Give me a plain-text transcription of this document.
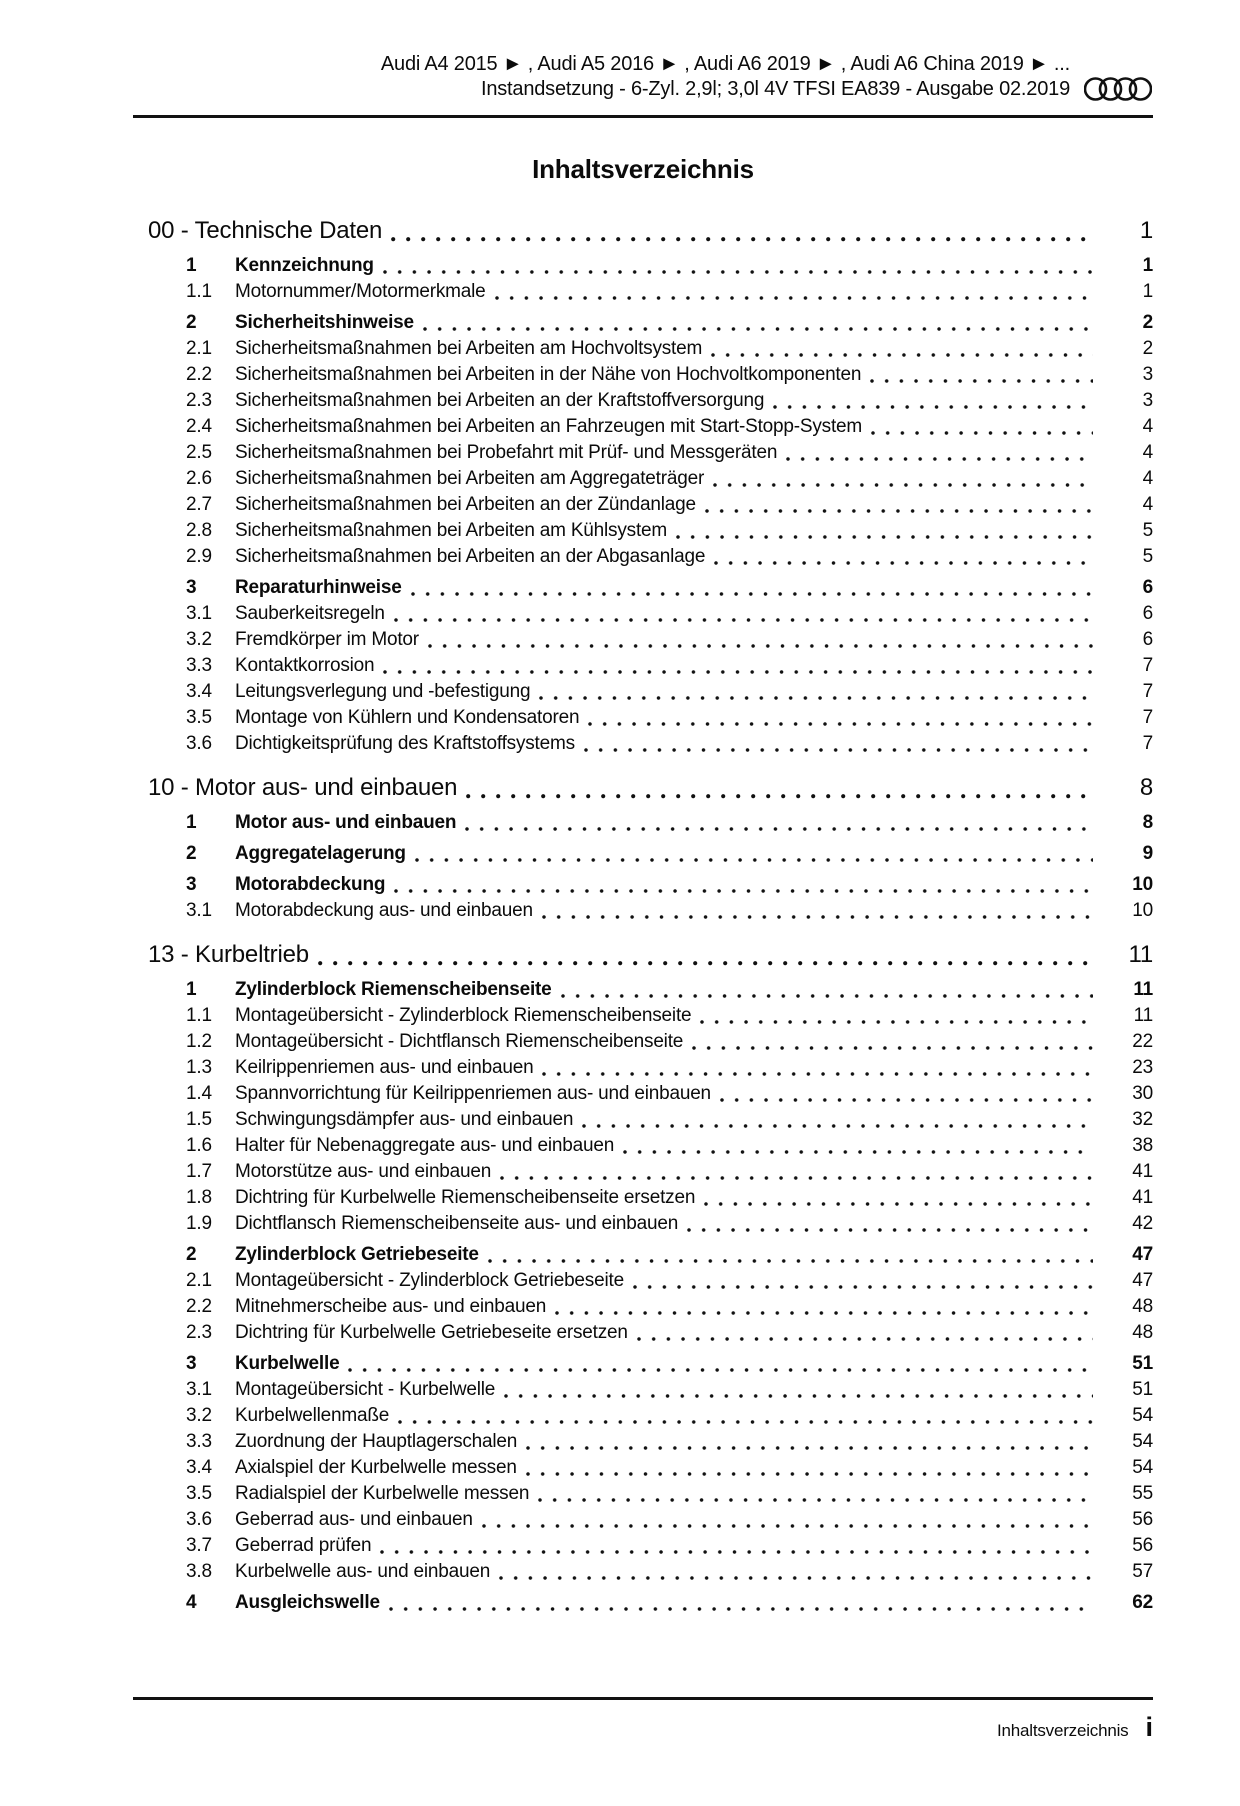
Audi A4 2015 ► , Audi A5 2016 ► , Audi A6 2019 ► , Audi A6 China 2019 ► ...
Instandsetzung - 6-Zyl. 2,9l; 3,0l 4V TFSI EA839 - Ausgabe 02.2019
Inhaltsverzeichnis
00 - Technische Daten	1
1	Kennzeichnung	1
1.1	Motornummer/Motormerkmale	1
2	Sicherheitshinweise	2
2.1	Sicherheitsmaßnahmen bei Arbeiten am Hochvoltsystem	2
2.2	Sicherheitsmaßnahmen bei Arbeiten in der Nähe von Hochvoltkomponenten	3
2.3	Sicherheitsmaßnahmen bei Arbeiten an der Kraftstoffversorgung	3
2.4	Sicherheitsmaßnahmen bei Arbeiten an Fahrzeugen mit Start-Stopp-System	4
2.5	Sicherheitsmaßnahmen bei Probefahrt mit Prüf- und Messgeräten	4
2.6	Sicherheitsmaßnahmen bei Arbeiten am Aggregateträger	4
2.7	Sicherheitsmaßnahmen bei Arbeiten an der Zündanlage	4
2.8	Sicherheitsmaßnahmen bei Arbeiten am Kühlsystem	5
2.9	Sicherheitsmaßnahmen bei Arbeiten an der Abgasanlage	5
3	Reparaturhinweise	6
3.1	Sauberkeitsregeln	6
3.2	Fremdkörper im Motor	6
3.3	Kontaktkorrosion	7
3.4	Leitungsverlegung und -befestigung	7
3.5	Montage von Kühlern und Kondensatoren	7
3.6	Dichtigkeitsprüfung des Kraftstoffsystems	7
10 - Motor aus- und einbauen	8
1	Motor aus- und einbauen	8
2	Aggregatelagerung	9
3	Motorabdeckung	10
3.1	Motorabdeckung aus- und einbauen	10
13 - Kurbeltrieb	11
1	Zylinderblock Riemenscheibenseite	11
1.1	Montageübersicht - Zylinderblock Riemenscheibenseite	11
1.2	Montageübersicht - Dichtflansch Riemenscheibenseite	22
1.3	Keilrippenriemen aus- und einbauen	23
1.4	Spannvorrichtung für Keilrippenriemen aus- und einbauen	30
1.5	Schwingungsdämpfer aus- und einbauen	32
1.6	Halter für Nebenaggregate aus- und einbauen	38
1.7	Motorstütze aus- und einbauen	41
1.8	Dichtring für Kurbelwelle Riemenscheibenseite ersetzen	41
1.9	Dichtflansch Riemenscheibenseite aus- und einbauen	42
2	Zylinderblock Getriebeseite	47
2.1	Montageübersicht - Zylinderblock Getriebeseite	47
2.2	Mitnehmerscheibe aus- und einbauen	48
2.3	Dichtring für Kurbelwelle Getriebeseite ersetzen	48
3	Kurbelwelle	51
3.1	Montageübersicht - Kurbelwelle	51
3.2	Kurbelwellenmaße	54
3.3	Zuordnung der Hauptlagerschalen	54
3.4	Axialspiel der Kurbelwelle messen	54
3.5	Radialspiel der Kurbelwelle messen	55
3.6	Geberrad aus- und einbauen	56
3.7	Geberrad prüfen	56
3.8	Kurbelwelle aus- und einbauen	57
4	Ausgleichswelle	62
Inhaltsverzeichnis i
